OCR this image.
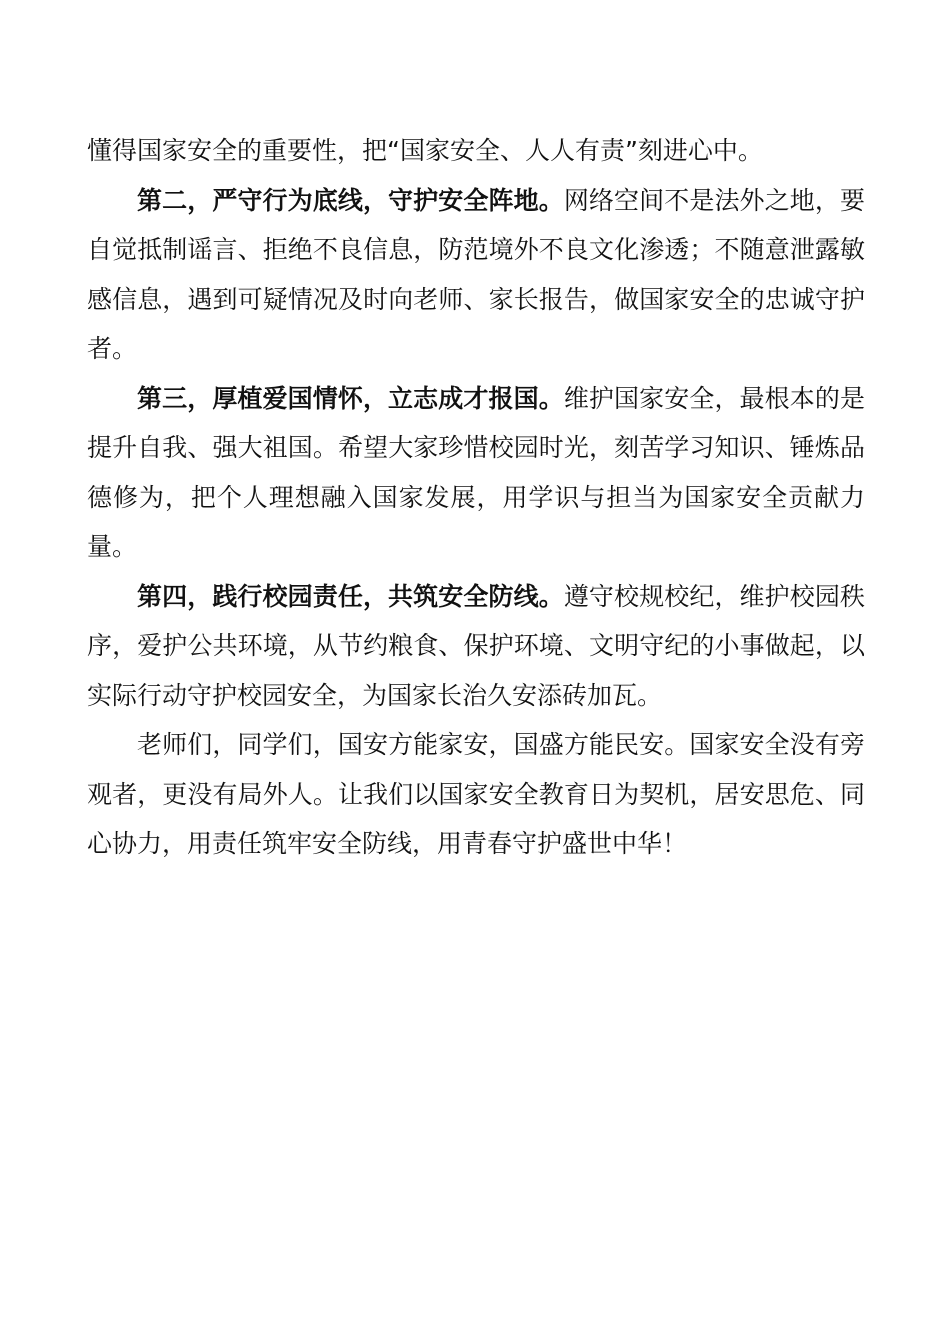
懂得国家安全的重要性，把“国家安全、人人有责”刻进心中。

第二，严守行为底线，守护安全阵地。网络空间不是法外之地，要自觉抵制谣言、拒绝不良信息，防范境外不良文化渗透；不随意泄露敏感信息，遇到可疑情况及时向老师、家长报告，做国家安全的忠诚守护者。

第三，厚植爱国情怀，立志成才报国。维护国家安全，最根本的是提升自我、强大祖国。希望大家珍惜校园时光，刻苦学习知识、锤炼品德修为，把个人理想融入国家发展，用学识与担当为国家安全贡献力量。

第四，践行校园责任，共筑安全防线。遵守校规校纪，维护校园秩序，爱护公共环境，从节约粮食、保护环境、文明守纪的小事做起，以实际行动守护校园安全，为国家长治久安添砖加瓦。

老师们，同学们，国安方能家安，国盛方能民安。国家安全没有旁观者，更没有局外人。让我们以国家安全教育日为契机，居安思危、同心协力，用责任筑牢安全防线，用青春守护盛世中华！
